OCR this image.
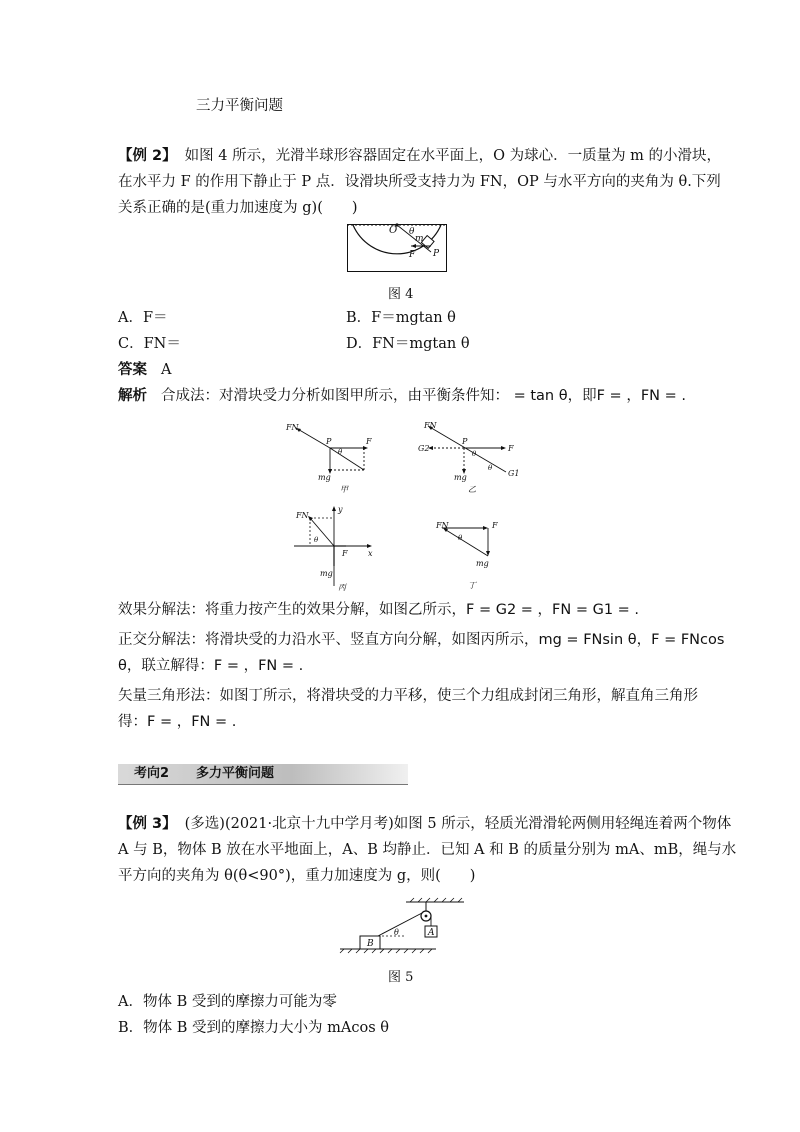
三力平衡问题
【例 2】 如图 4 所示，光滑半球形容器固定在水平面上，O 为球心．一质量为 m 的小滑块，
在水平力 F 的作用下静止于 P 点．设滑块所受支持力为 FN，OP 与水平方向的夹角为 θ.下列
关系正确的是(重力加速度为 g)(　　)
O θ
m
F P
图 4
A．F＝	B．F＝mgtan θ
C．FN＝	D．FN＝mgtan θ
答案 A
解析 合成法：对滑块受力分析如图甲所示，由平衡条件知： = tan θ，即F = ，FN = .
FN
P	F
θ
mg
甲
FN
P
F
G2
G1
θ
θ
mg
乙
FN
y
x
F
θ
mg
丙
FN	F
θ
mg
丁
效果分解法：将重力按产生的效果分解，如图乙所示，F = G2 = ，FN = G1 = .
正交分解法：将滑块受的力沿水平、竖直方向分解，如图丙所示，mg = FNsin θ，F = FNcos
θ，联立解得：F = ，FN = .
矢量三角形法：如图丁所示，将滑块受的力平移，使三个力组成封闭三角形，解直角三角形
得：F = ，FN = .
考向2 多力平衡问题
【例 3】 (多选)(2021·北京十九中学月考)如图 5 所示，轻质光滑滑轮两侧用轻绳连着两个物体
A 与 B，物体 B 放在水平地面上，A、B 均静止．已知 A 和 B 的质量分别为 mA、mB，绳与水
平方向的夹角为 θ(θ<90°)，重力加速度为 g，则(　　)
B
A
θ
图 5
A．物体 B 受到的摩擦力可能为零
B．物体 B 受到的摩擦力大小为 mAcos θ
